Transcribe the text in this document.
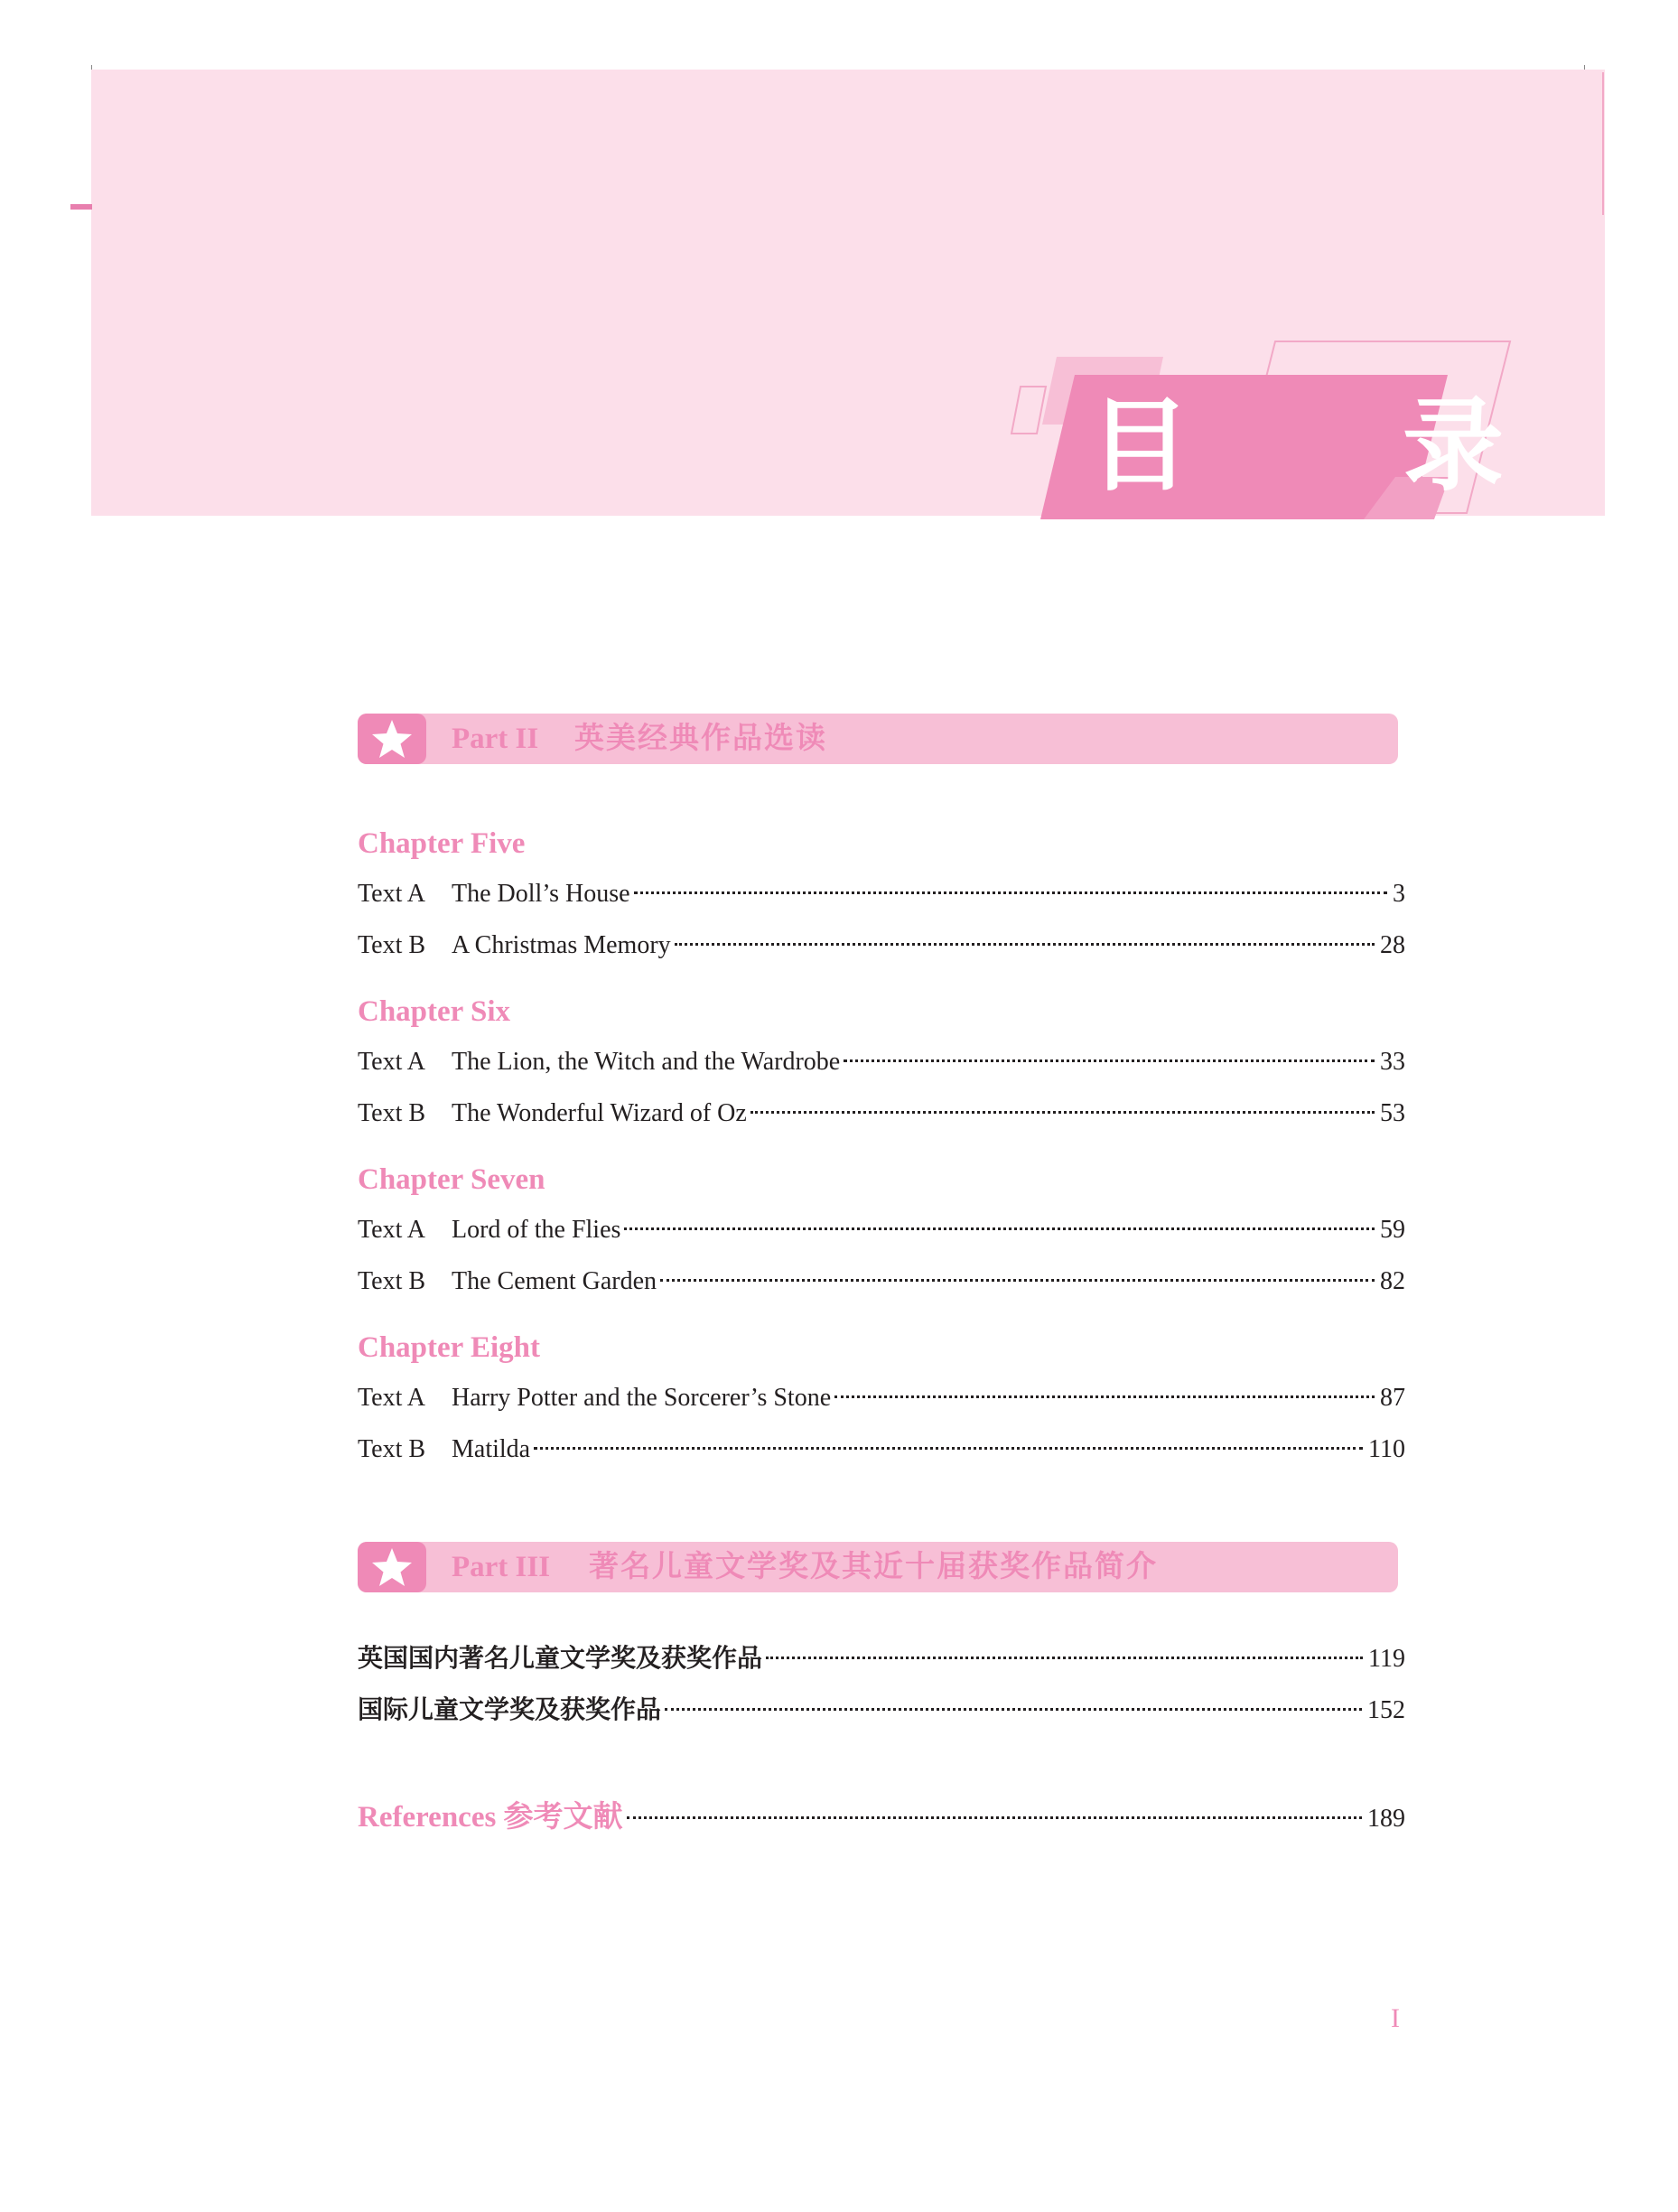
目 录
Part II 英美经典作品选读
Chapter Five
Text A	The Doll’s House	3
Text B	A Christmas Memory	28
Chapter Six
Text A	The Lion, the Witch and the Wardrobe	33
Text B	The Wonderful Wizard of Oz	53
Chapter Seven
Text A	Lord of the Flies	59
Text B	The Cement Garden	82
Chapter Eight
Text A	Harry Potter and the Sorcerer’s Stone	87
Text B	Matilda	110
Part III 著名儿童文学奖及其近十届获奖作品简介
英国国内著名儿童文学奖及获奖作品	119
国际儿童文学奖及获奖作品	152
References 参考文献	189
I
